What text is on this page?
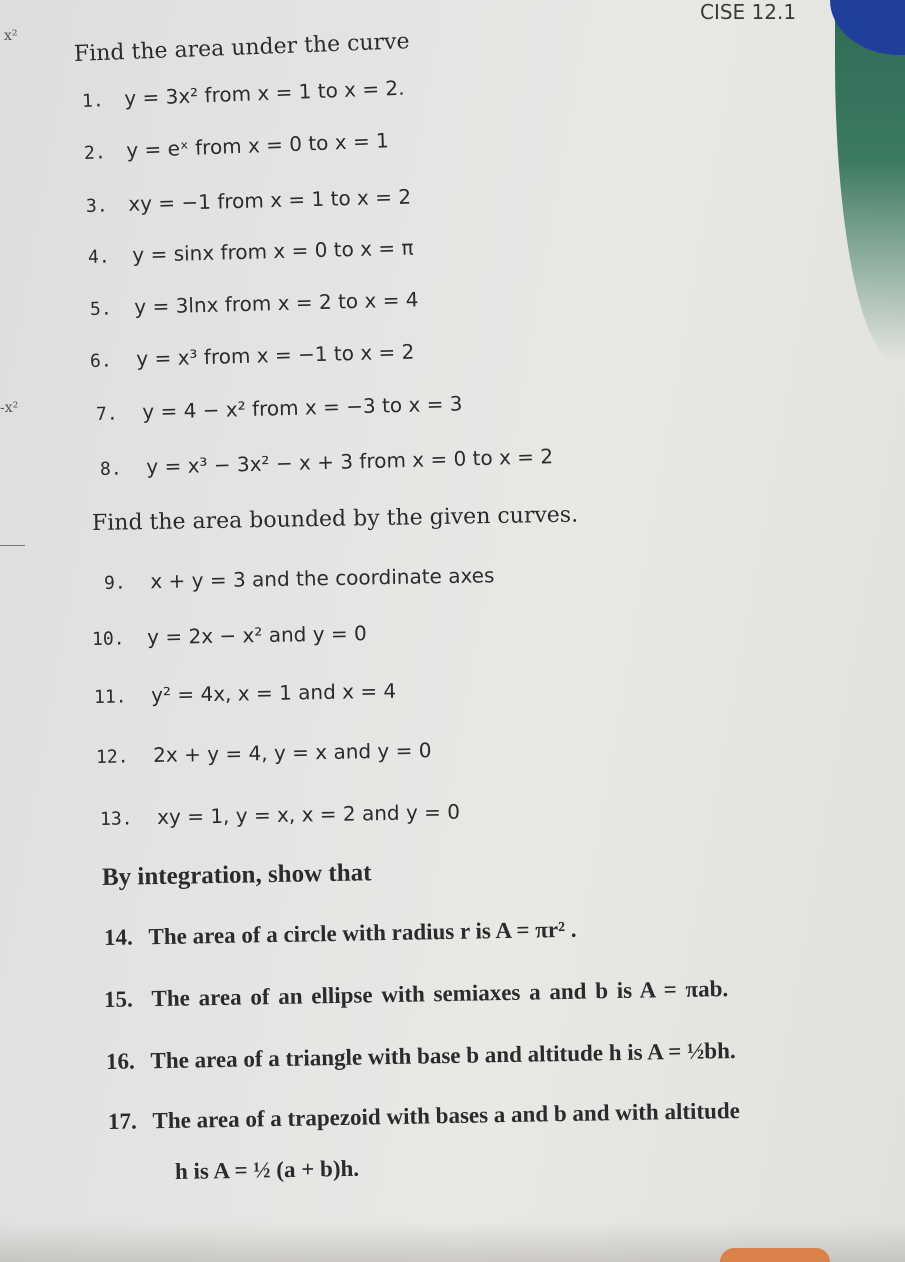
CISE 12.1
x²
-x²
Find the area under the curve
1. y = 3x² from x = 1 to x = 2.
2. y = eˣ from x = 0 to x = 1
3. xy = −1 from x = 1 to x = 2
4. y = sinx from x = 0 to x = π
5. y = 3lnx from x = 2 to x = 4
6. y = x³ from x = −1 to x = 2
7. y = 4 − x² from x = −3 to x = 3
8. y = x³ − 3x² − x + 3 from x = 0 to x = 2
Find the area bounded by the given curves.
9. x + y = 3 and the coordinate axes
10. y = 2x − x² and y = 0
11. y² = 4x, x = 1 and x = 4
12. 2x + y = 4, y = x and y = 0
13. xy = 1, y = x, x = 2 and y = 0
By integration, show that
14. The area of a circle with radius r is A = πr² .
15. The area of an ellipse with semiaxes a and b is A = πab.
16. The area of a triangle with base b and altitude h is A = ½bh.
17. The area of a trapezoid with bases a and b and with altitude
h is A = ½ (a + b)h.
